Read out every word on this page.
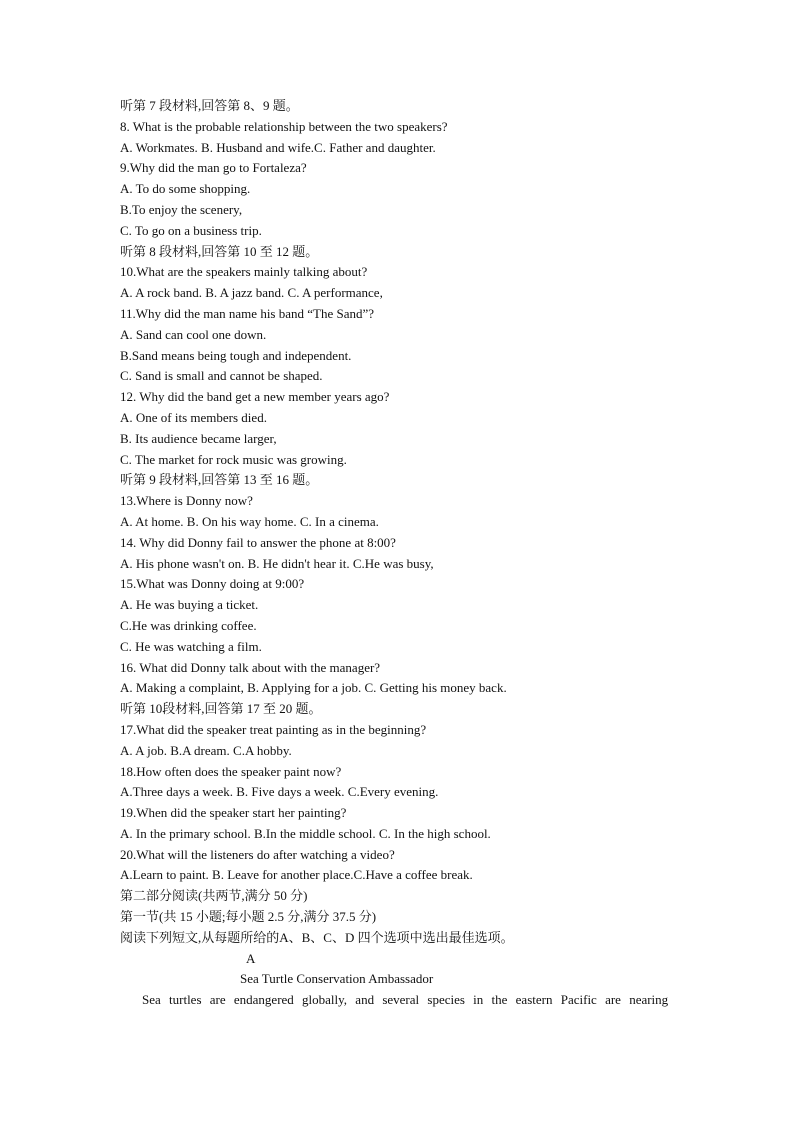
听第 7 段材料,回答第 8、9 题。
8. What is the probable relationship between the two speakers?
A. Workmates. B. Husband and wife.C. Father and daughter.
9.Why did the man go to Fortaleza?
A. To do some shopping.
B.To enjoy the scenery,
C. To go on a business trip.
听第 8 段材料,回答第 10 至 12 题。
10.What are the speakers mainly talking about?
A. A rock band. B. A jazz band. C. A performance,
11.Why did the man name his band “The Sand”?
A. Sand can cool one down.
B.Sand means being tough and independent.
C. Sand is small and cannot be shaped.
12. Why did the band get a new member years ago?
A. One of its members died.
B. Its audience became larger,
C. The market for rock music was growing.
听第 9 段材料,回答第 13 至 16 题。
13.Where is Donny now?
A. At home. B. On his way home. C. In a cinema.
14. Why did Donny fail to answer the phone at 8:00?
A. His phone wasn't on. B. He didn't hear it. C.He was busy,
15.What was Donny doing at 9:00?
A. He was buying a ticket.
C.He was drinking coffee.
C. He was watching a film.
16. What did Donny talk about with the manager?
A. Making a complaint, B. Applying for a job. C. Getting his money back.
听第 10段材料,回答第 17 至 20 题。
17.What did the speaker treat painting as in the beginning?
A. A job. B.A dream. C.A hobby.
18.How often does the speaker paint now?
A.Three days a week. B. Five days a week. C.Every evening.
19.When did the speaker start her painting?
A. In the primary school. B.In the middle school. C. In the high school.
20.What will the listeners do after watching a video?
A.Learn to paint. B. Leave for another place.C.Have a coffee break.
第二部分阅读(共两节,满分 50 分)
第一节(共 15 小题;每小题 2.5 分,满分 37.5 分)
阅读下列短文,从每题所给的A、B、C、D 四个选项中选出最佳选项。
A
Sea Turtle Conservation Ambassador
Sea turtles are endangered globally, and several species in the eastern Pacific are nearing
